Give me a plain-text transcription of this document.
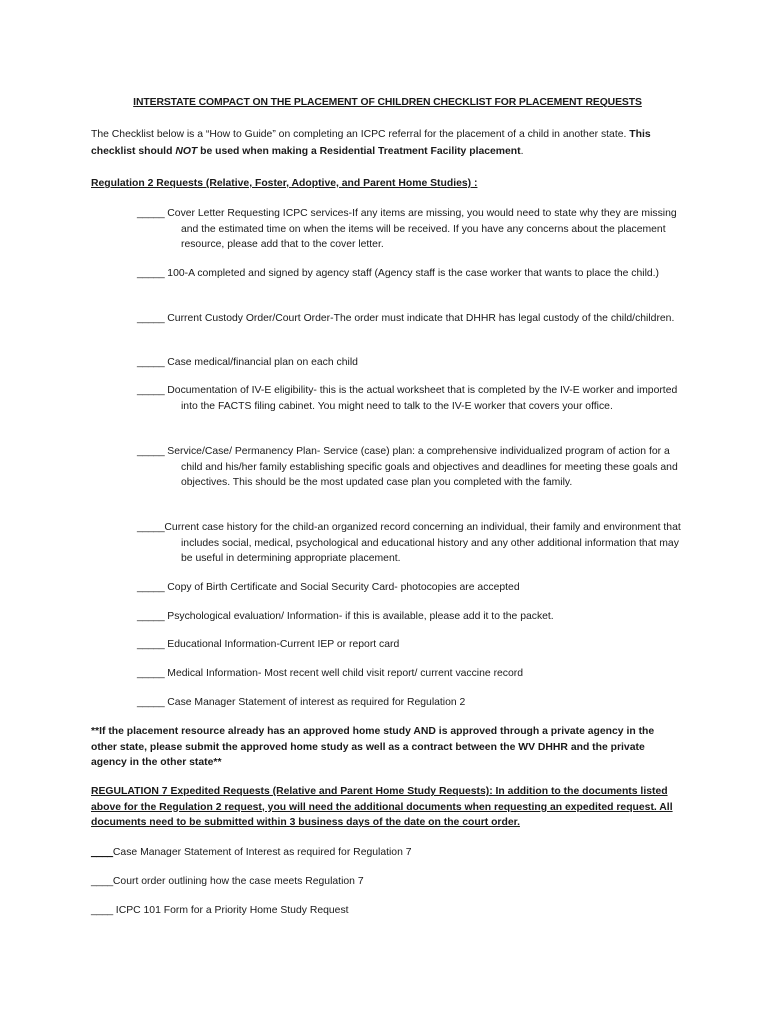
INTERSTATE COMPACT ON THE PLACEMENT OF CHILDREN CHECKLIST FOR PLACEMENT REQUESTS
The Checklist below is a “How to Guide” on completing an ICPC referral for the placement of a child in another state. This checklist should NOT be used when making a Residential Treatment Facility placement.
Regulation 2 Requests (Relative, Foster, Adoptive, and Parent Home Studies) :
_____ Cover Letter Requesting ICPC services-If any items are missing, you would need to state why they are missing and the estimated time on when the items will be received. If you have any concerns about the placement resource, please add that to the cover letter.
_____ 100-A completed and signed by agency staff (Agency staff is the case worker that wants to place the child.)
_____ Current Custody Order/Court Order-The order must indicate that DHHR has legal custody of the child/children.
_____ Case medical/financial plan on each child
_____ Documentation of IV-E eligibility- this is the actual worksheet that is completed by the IV-E worker and imported into the FACTS filing cabinet. You might need to talk to the IV-E worker that covers your office.
_____ Service/Case/ Permanency Plan- Service (case) plan: a comprehensive individualized program of action for a child and his/her family establishing specific goals and objectives and deadlines for meeting these goals and objectives. This should be the most updated case plan you completed with the family.
_____Current case history for the child-an organized record concerning an individual, their family and environment that includes social, medical, psychological and educational history and any other additional information that may be useful in determining appropriate placement.
_____ Copy of Birth Certificate and Social Security Card- photocopies are accepted
_____ Psychological evaluation/ Information- if this is available, please add it to the packet.
_____ Educational Information-Current IEP or report card
_____ Medical Information- Most recent well child visit report/ current vaccine record
_____ Case Manager Statement of interest as required for Regulation 2
**If the placement resource already has an approved home study AND is approved through a private agency in the other state, please submit the approved home study as well as a contract between the WV DHHR and the private agency in the other state**
REGULATION 7 Expedited Requests (Relative and Parent Home Study Requests): In addition to the documents listed above for the Regulation 2 request, you will need the additional documents when requesting an expedited request. All documents need to be submitted within 3 business days of the date on the court order.
____Case Manager Statement of Interest as required for Regulation 7
____Court order outlining how the case meets Regulation 7
____ ICPC 101 Form for a Priority Home Study Request
